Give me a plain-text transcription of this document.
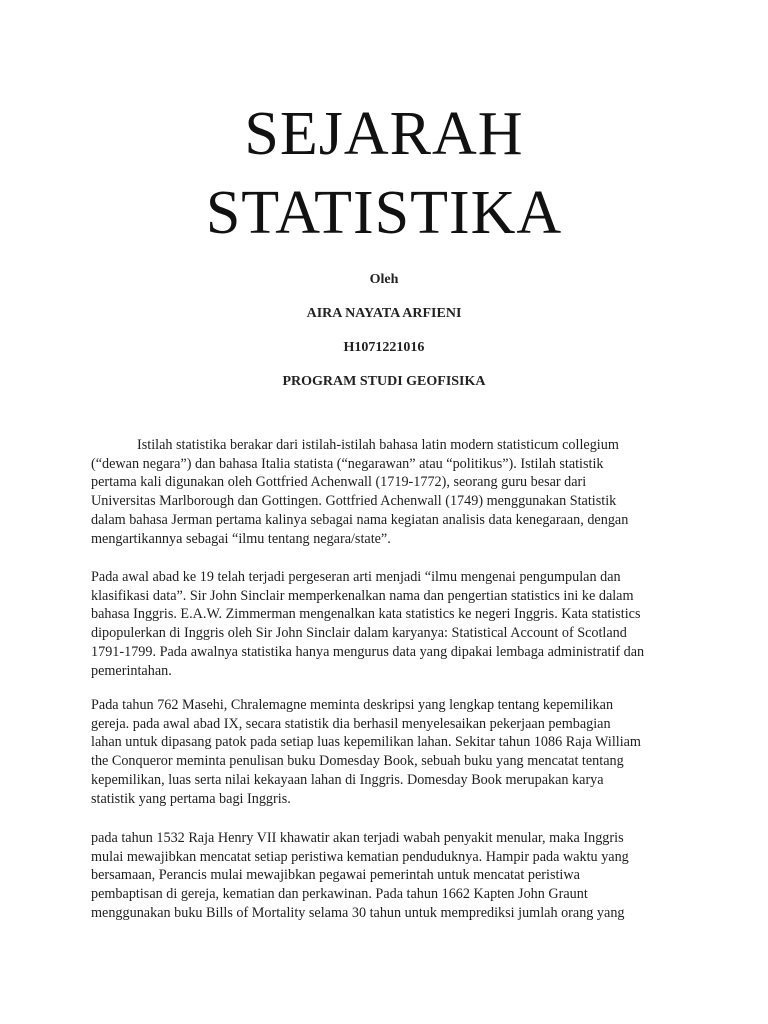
SEJARAH
STATISTIKA
Oleh
AIRA NAYATA ARFIENI
H1071221016
PROGRAM STUDI GEOFISIKA
Istilah statistika berakar dari istilah-istilah bahasa latin modern statisticum collegium
(“dewan negara”) dan bahasa Italia statista (“negarawan” atau “politikus”). Istilah statistik
pertama kali digunakan oleh Gottfried Achenwall (1719-1772), seorang guru besar dari
Universitas Marlborough dan Gottingen. Gottfried Achenwall (1749) menggunakan Statistik
dalam bahasa Jerman pertama kalinya sebagai nama kegiatan analisis data kenegaraan, dengan
mengartikannya sebagai “ilmu tentang negara/state”.
Pada awal abad ke 19 telah terjadi pergeseran arti menjadi “ilmu mengenai pengumpulan dan
klasifikasi data”. Sir John Sinclair memperkenalkan nama dan pengertian statistics ini ke dalam
bahasa Inggris. E.A.W. Zimmerman mengenalkan kata statistics ke negeri Inggris. Kata statistics
dipopulerkan di Inggris oleh Sir John Sinclair dalam karyanya: Statistical Account of Scotland
1791-1799. Pada awalnya statistika hanya mengurus data yang dipakai lembaga administratif dan
pemerintahan.
Pada tahun 762 Masehi, Chralemagne meminta deskripsi yang lengkap tentang kepemilikan
gereja. pada awal abad IX, secara statistik dia berhasil menyelesaikan pekerjaan pembagian
lahan untuk dipasang patok pada setiap luas kepemilikan lahan. Sekitar tahun 1086 Raja William
the Conqueror meminta penulisan buku Domesday Book, sebuah buku yang mencatat tentang
kepemilikan, luas serta nilai kekayaan lahan di Inggris. Domesday Book merupakan karya
statistik yang pertama bagi Inggris.
pada tahun 1532 Raja Henry VII khawatir akan terjadi wabah penyakit menular, maka Inggris
mulai mewajibkan mencatat setiap peristiwa kematian penduduknya. Hampir pada waktu yang
bersamaan, Perancis mulai mewajibkan pegawai pemerintah untuk mencatat peristiwa
pembaptisan di gereja, kematian dan perkawinan. Pada tahun 1662 Kapten John Graunt
menggunakan buku Bills of Mortality selama 30 tahun untuk memprediksi jumlah orang yang
